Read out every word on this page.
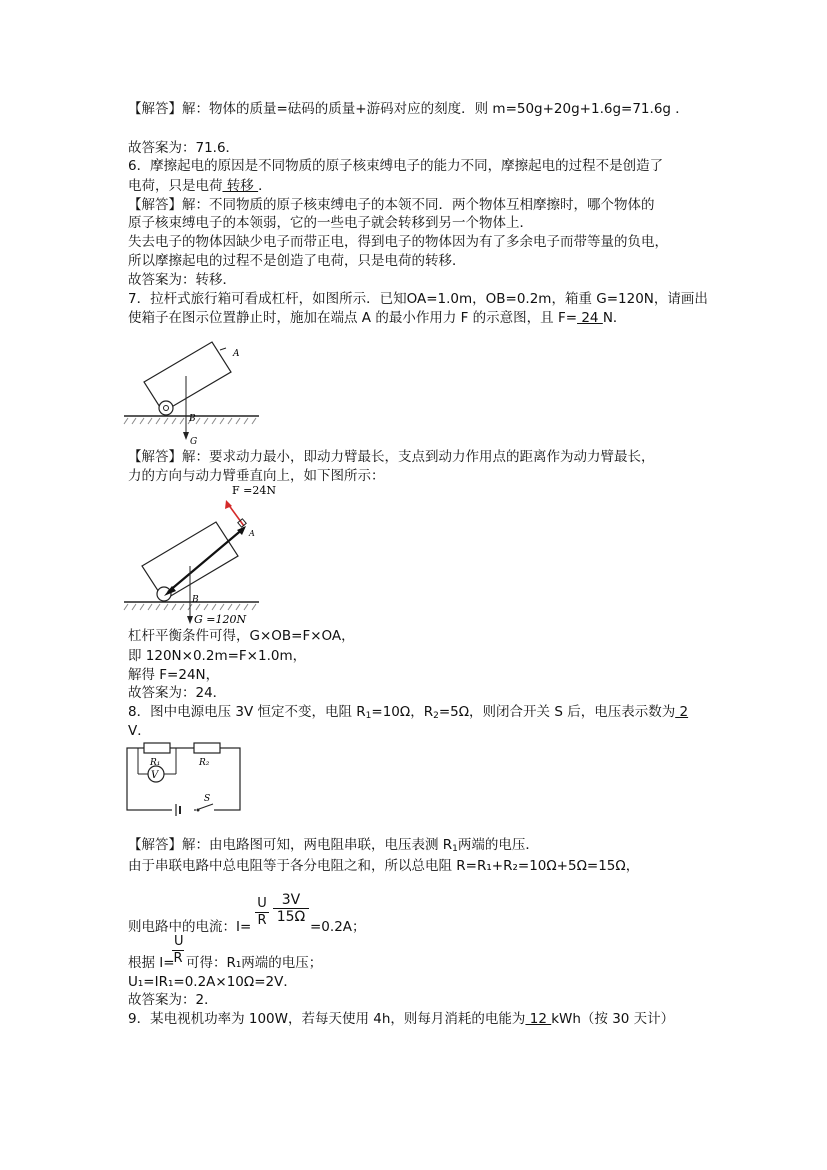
【解答】解：物体的质量=砝码的质量+游码对应的刻度．则 m=50g+20g+1.6g=71.6g ．
故答案为：71.6．
6．摩擦起电的原因是不同物质的原子核束缚电子的能力不同，摩擦起电的过程不是创造了
电荷，只是电荷 转移 ．
【解答】解：不同物质的原子核束缚电子的本领不同．两个物体互相摩擦时，哪个物体的
原子核束缚电子的本领弱，它的一些电子就会转移到另一个物体上．
失去电子的物体因缺少电子而带正电，得到电子的物体因为有了多余电子而带等量的负电，
所以摩擦起电的过程不是创造了电荷，只是电荷的转移．
故答案为：转移．
7．拉杆式旅行箱可看成杠杆，如图所示．已知OA=1.0m，OB=0.2m，箱重 G=120N，请画出
使箱子在图示位置静止时，施加在端点 A 的最小作用力 F 的示意图，且 F= 24 N．
A
B
G
【解答】解：要求动力最小，即动力臂最长，支点到动力作用点的距离作为动力臂最长，
力的方向与动力臂垂直向上，如下图所示：
F =24N
A
B
G =120N
杠杆平衡条件可得，G×OB=F×OA，
即 120N×0.2m=F×1.0m，
解得 F=24N，
故答案为：24．
8．图中电源电压 3V 恒定不变，电阻 $R_1=10\Omega$，$R_2=5\Omega$，则闭合开关 S 后，电压表示数为 2
V．
V
R₁	R₂
S
【解答】解：由电路图可知，两电阻串联，电压表测 $R_1$两端的电压．
由于串联电路中总电阻等于各分电阻之和，所以总电阻 R=R₁+R₂=10Ω+5Ω=15Ω，
则电路中的电流：$I= \frac{U}{R} \frac{3V}{15\Omega}$
=0.2A；
根据 I=
$\frac{U}{R}$ 可得：R₁两端的电压；
U₁=IR₁=0.2A×10Ω=2V．
故答案为：2．
9．某电视机功率为 100W，若每天使用 4h，则每月消耗的电能为 12 kWh（按 30 天计）
